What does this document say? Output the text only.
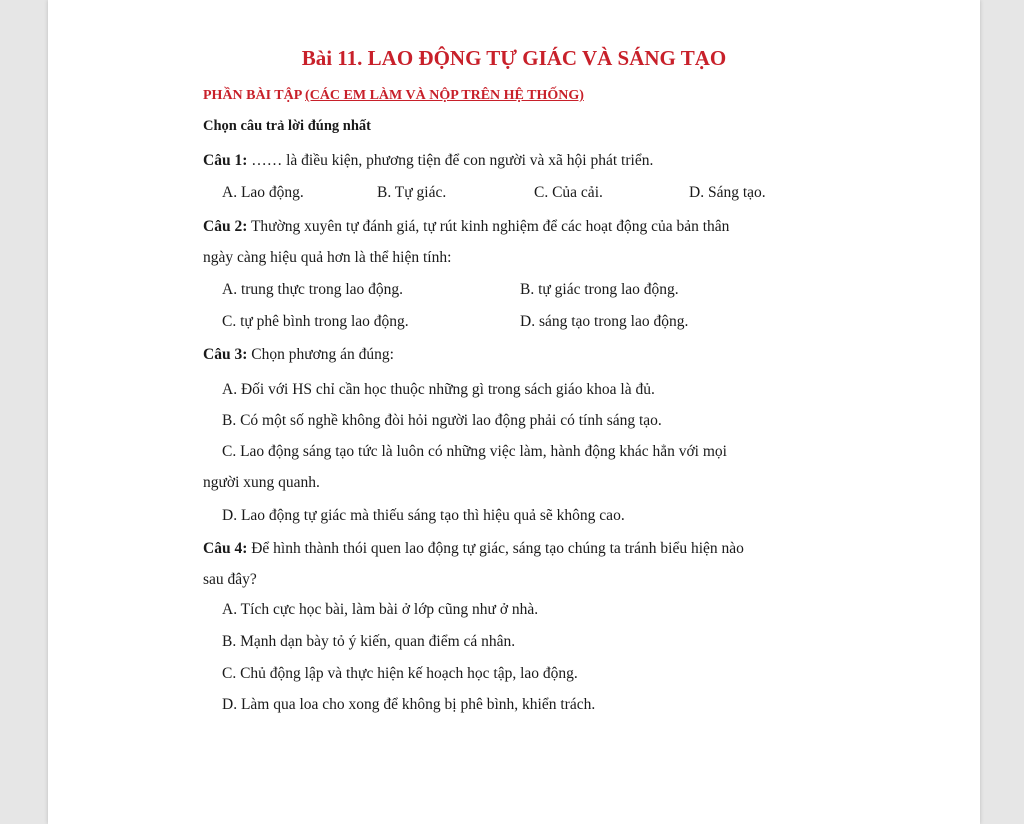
Bài 11. LAO ĐỘNG TỰ GIÁC VÀ SÁNG TẠO
PHẦN BÀI TẬP (CÁC EM LÀM VÀ NỘP TRÊN HỆ THỐNG)
Chọn câu trả lời đúng nhất
Câu 1: …… là điều kiện, phương tiện để con người và xã hội phát triển.
A. Lao động.	B. Tự giác.	C. Của cải.	D. Sáng tạo.
Câu 2: Thường xuyên tự đánh giá, tự rút kinh nghiệm để các hoạt động của bản thân
ngày càng hiệu quả hơn là thể hiện tính:
A. trung thực trong lao động.	B. tự giác trong lao động.
C. tự phê bình trong lao động.	D. sáng tạo trong lao động.
Câu 3: Chọn phương án đúng:
A. Đối với HS chỉ cần học thuộc những gì trong sách giáo khoa là đủ.
B. Có một số nghề không đòi hỏi người lao động phải có tính sáng tạo.
C. Lao động sáng tạo tức là luôn có những việc làm, hành động khác hẳn với mọi
người xung quanh.
D. Lao động tự giác mà thiếu sáng tạo thì hiệu quả sẽ không cao.
Câu 4: Để hình thành thói quen lao động tự giác, sáng tạo chúng ta tránh biểu hiện nào
sau đây?
A. Tích cực học bài, làm bài ở lớp cũng như ở nhà.
B. Mạnh dạn bày tỏ ý kiến, quan điểm cá nhân.
C. Chủ động lập và thực hiện kế hoạch học tập, lao động.
D. Làm qua loa cho xong để không bị phê bình, khiển trách.
